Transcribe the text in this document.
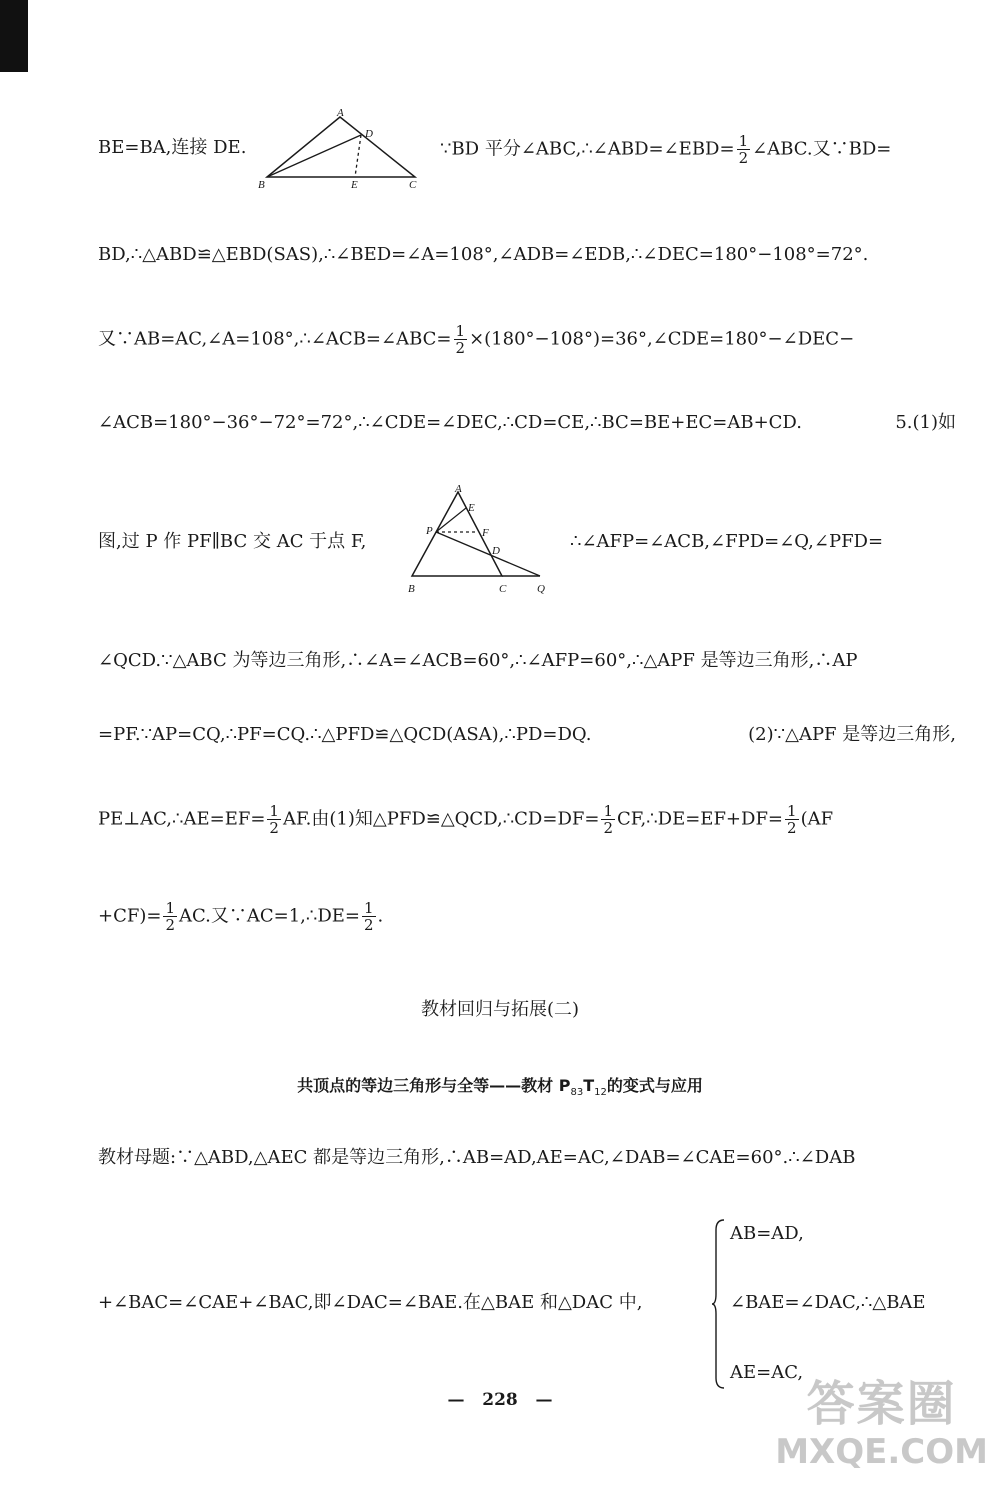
BE=BA,连接 DE.
A
B	C
D
E
∵BD 平分∠ABC,∴∠ABD=∠EBD= $\frac{1}{2}$ ∠ABC.又∵BD=
BD,∴△ABD≌△EBD(SAS),∴∠BED=∠A=108°,∠ADB=∠EDB,∴∠DEC=180°−108°=72°.
又∵AB=AC,∠A=108°,∴∠ACB=∠ABC= $\frac{1}{2}$ ×(180°−108°)=36°,∠CDE=180°−∠DEC−
∠ACB=180°−36°−72°=72°,∴∠CDE=∠DEC,∴CD=CE,∴BC=BE+EC=AB+CD.	5.(1)如
图,过 P 作 PF∥BC 交 AC 于点 F,
A
E
P	F
D
B	C	Q
∴∠AFP=∠ACB,∠FPD=∠Q,∠PFD=
∠QCD.∵△ABC 为等边三角形,∴∠A=∠ACB=60°,∴∠AFP=60°,∴△APF 是等边三角形,∴AP
=PF.∵AP=CQ,∴PF=CQ.∴△PFD≌△QCD(ASA),∴PD=DQ.	(2)∵△APF 是等边三角形,
PE⊥AC,∴AE=EF= $\frac{1}{2}$ AF.由(1)知△PFD≌△QCD,∴CD=DF= $\frac{1}{2}$ CF,∴DE=EF+DF= $\frac{1}{2} (AF$
$+CF)= \frac{1}{2}$ AC.又∵AC=1,∴DE= $\frac{1}{2}$ .
教材回归与拓展(二)
共顶点的等边三角形与全等——教材 $P_{83}T_{12}$的变式与应用
教材母题:∵△ABD,△AEC 都是等边三角形,∴AB=AD,AE=AC,∠DAB=∠CAE=60°.∴∠DAB
+∠BAC=∠CAE+∠BAC,即∠DAC=∠BAE.在△BAE 和△DAC 中,
AB=AD,
∠BAE=∠DAC,∴△BAE
AE=AC,
— 228 —	答案圈
MXQE.COM
